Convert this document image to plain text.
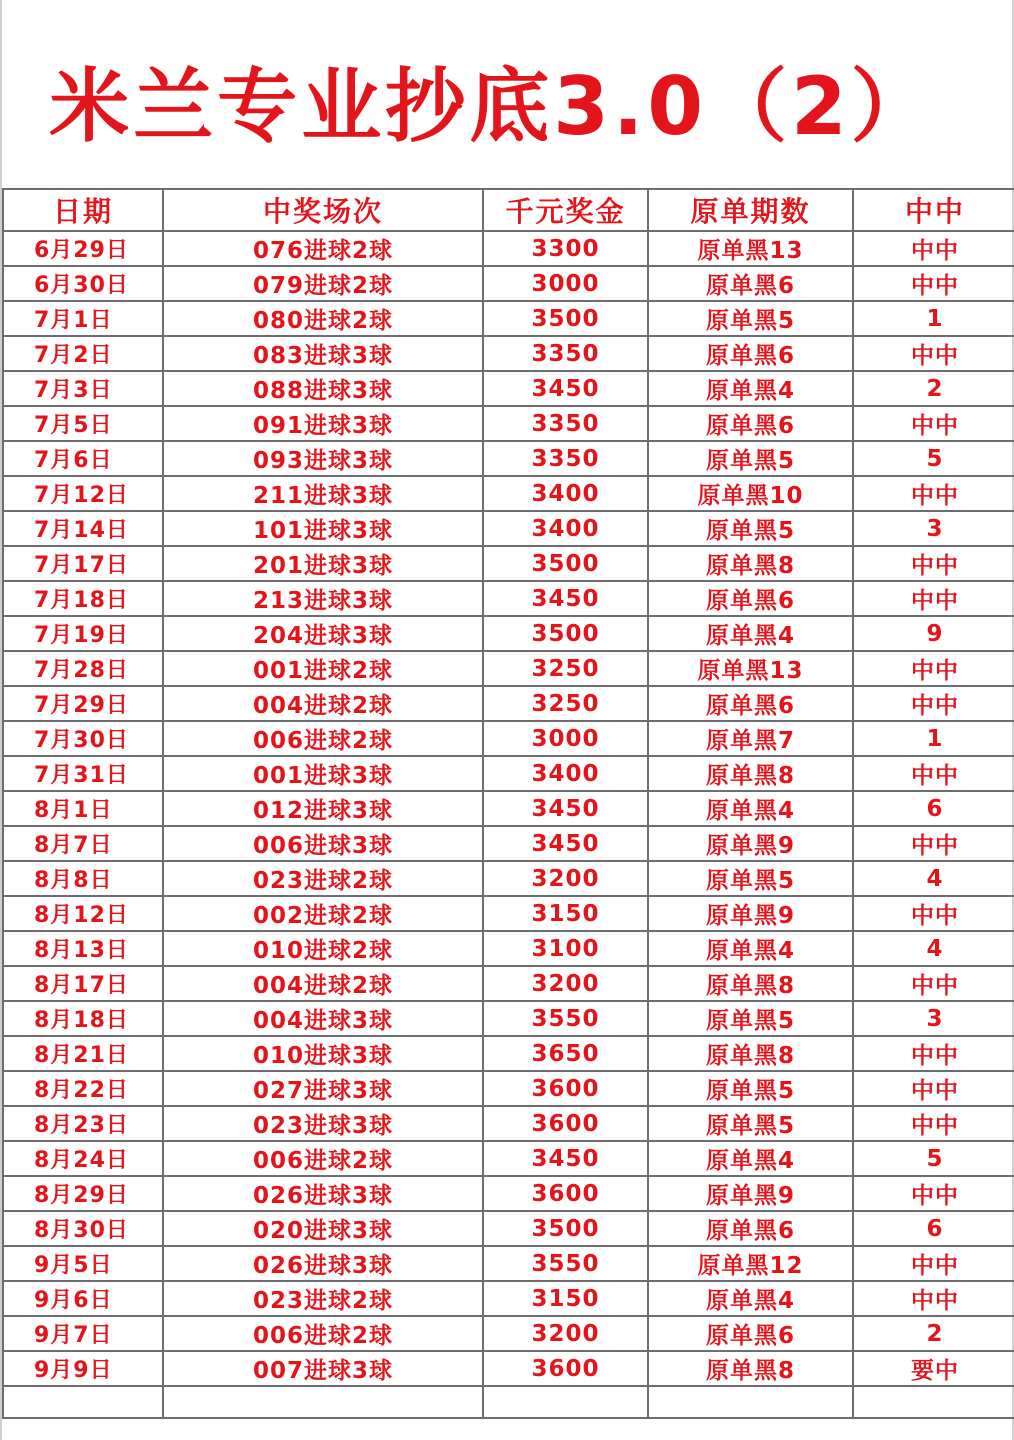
米兰专业抄底3.0（2）
日期	中奖场次	千元奖金	原单期数	中中
6月29日	076进球2球	3300	原单黑13	中中
6月30日	079进球2球	3000	原单黑6	中中
7月1日	080进球2球	3500	原单黑5	1
7月2日	083进球3球	3350	原单黑6	中中
7月3日	088进球3球	3450	原单黑4	2
7月5日	091进球3球	3350	原单黑6	中中
7月6日	093进球3球	3350	原单黑5	5
7月12日	211进球3球	3400	原单黑10	中中
7月14日	101进球3球	3400	原单黑5	3
7月17日	201进球3球	3500	原单黑8	中中
7月18日	213进球3球	3450	原单黑6	中中
7月19日	204进球3球	3500	原单黑4	9
7月28日	001进球2球	3250	原单黑13	中中
7月29日	004进球2球	3250	原单黑6	中中
7月30日	006进球2球	3000	原单黑7	1
7月31日	001进球3球	3400	原单黑8	中中
8月1日	012进球3球	3450	原单黑4	6
8月7日	006进球3球	3450	原单黑9	中中
8月8日	023进球2球	3200	原单黑5	4
8月12日	002进球2球	3150	原单黑9	中中
8月13日	010进球2球	3100	原单黑4	4
8月17日	004进球2球	3200	原单黑8	中中
8月18日	004进球3球	3550	原单黑5	3
8月21日	010进球3球	3650	原单黑8	中中
8月22日	027进球3球	3600	原单黑5	中中
8月23日	023进球3球	3600	原单黑5	中中
8月24日	006进球2球	3450	原单黑4	5
8月29日	026进球3球	3600	原单黑9	中中
8月30日	020进球3球	3500	原单黑6	6
9月5日	026进球3球	3550	原单黑12	中中
9月6日	023进球2球	3150	原单黑4	中中
9月7日	006进球2球	3200	原单黑6	2
9月9日	007进球3球	3600	原单黑8	要中
